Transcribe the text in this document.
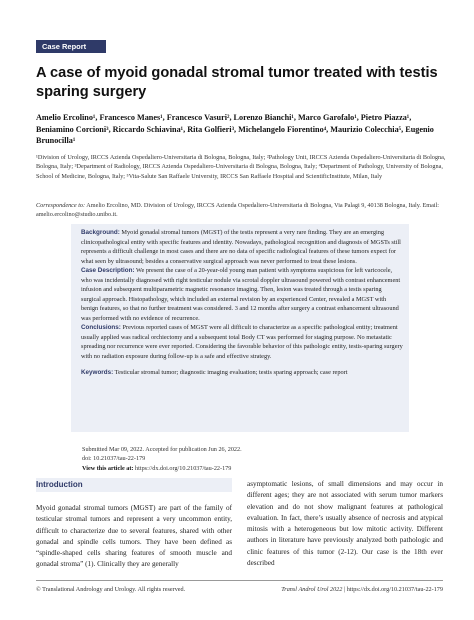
Case Report
A case of myoid gonadal stromal tumor treated with testis sparing surgery
Amelio Ercolino¹, Francesco Manes¹, Francesco Vasuri², Lorenzo Bianchi¹, Marco Garofalo¹, Pietro Piazza¹, Beniamino Corcioni³, Riccardo Schiavina¹, Rita Golfieri³, Michelangelo Fiorentino⁴, Maurizio Colecchia⁵, Eugenio Brunocilla¹
¹Division of Urology, IRCCS Azienda Ospedaliero-Universitaria di Bologna, Bologna, Italy; ²Pathology Unit, IRCCS Azienda Ospedaliero-Universitaria di Bologna, Bologna, Italy; ³Department of Radiology, IRCCS Azienda Ospedaliero-Universitaria di Bologna, Bologna, Italy; ⁴Department of Pathology, University of Bologna, School of Medicine, Bologna, Italy; ⁵Vita-Salute San Raffaele University, IRCCS San Raffaele Hospital and ScientificInstitute, Milan, Italy
Correspondence to: Amelio Ercolino, MD. Division of Urology, IRCCS Azienda Ospedaliero-Universitaria di Bologna, Via Palagi 9, 40138 Bologna, Italy. Email: amelio.ercolino@studio.unibo.it.

Background: Myoid gonadal stromal tumors (MGST) of the testis represent a very rare finding. They are an emerging clinicopathological entity with specific features and identity. Nowadays, pathological recognition and diagnosis of MGSTs still represents a difficult challenge in most cases and there are no data of specific radiological features of these tumors expect for what seen by ultrasound; besides a conservative surgical approach was never performed to treat these lesions.

Case Description: We present the case of a 20-year-old young man patient with symptoms suspicious for left varicocele, who was incidentally diagnosed with right testicular nodule via scrotal doppler ultrasound powered with contrast enhancement infusion and subsequent multiparametric magnetic resonance imaging. Then, lesion was treated through a testis sparing surgical approach. Histopathology, which included an external revision by an experienced Center, revealed a MGST with benign features, so that no further treatment was considered. 3 and 12 months after surgery a contrast enhancement ultrasound was performed with no evidence of recurrence.

Conclusions: Previous reported cases of MGST were all difficult to characterize as a specific pathological entity; treatment usually applied was radical orchiectomy and a subsequent total Body CT was performed for staging purpose. No metastatic spreading nor recurrence were ever reported. Considering the favorable behavior of this pathologic entity, testis-sparing surgery with no radiation exposure during follow-up is a safe and effective strategy.

Keywords: Testicular stromal tumor; diagnostic imaging evaluation; testis sparing approach; case report

Submitted Mar 09, 2022. Accepted for publication Jun 26, 2022.
doi: 10.21037/tau-22-179
View this article at: https://dx.doi.org/10.21037/tau-22-179
Introduction
Myoid gonadal stromal tumors (MGST) are part of the family of testicular stromal tumors and represent a very uncommon entity, difficult to characterize due to several features, shared with other gonadal and spindle cells tumors. They have been defined as “spindle-shaped cells sharing features of smooth muscle and gonadal stroma” (1). Clinically they are generally
asymptomatic lesions, of small dimensions and may occur in different ages; they are not associated with serum tumor markers elevation and do not show malignant features at pathological evaluation. In fact, there’s usually absence of necrosis and atypical mitosis with a heterogeneous but low mitotic activity. Different authors in literature have previously analyzed both pathologic and clinic features of this tumor (2-12). Our case is the 18th ever described
© Translational Andrology and Urology. All rights reserved.	Transl Androl Urol 2022 | https://dx.doi.org/10.21037/tau-22-179
